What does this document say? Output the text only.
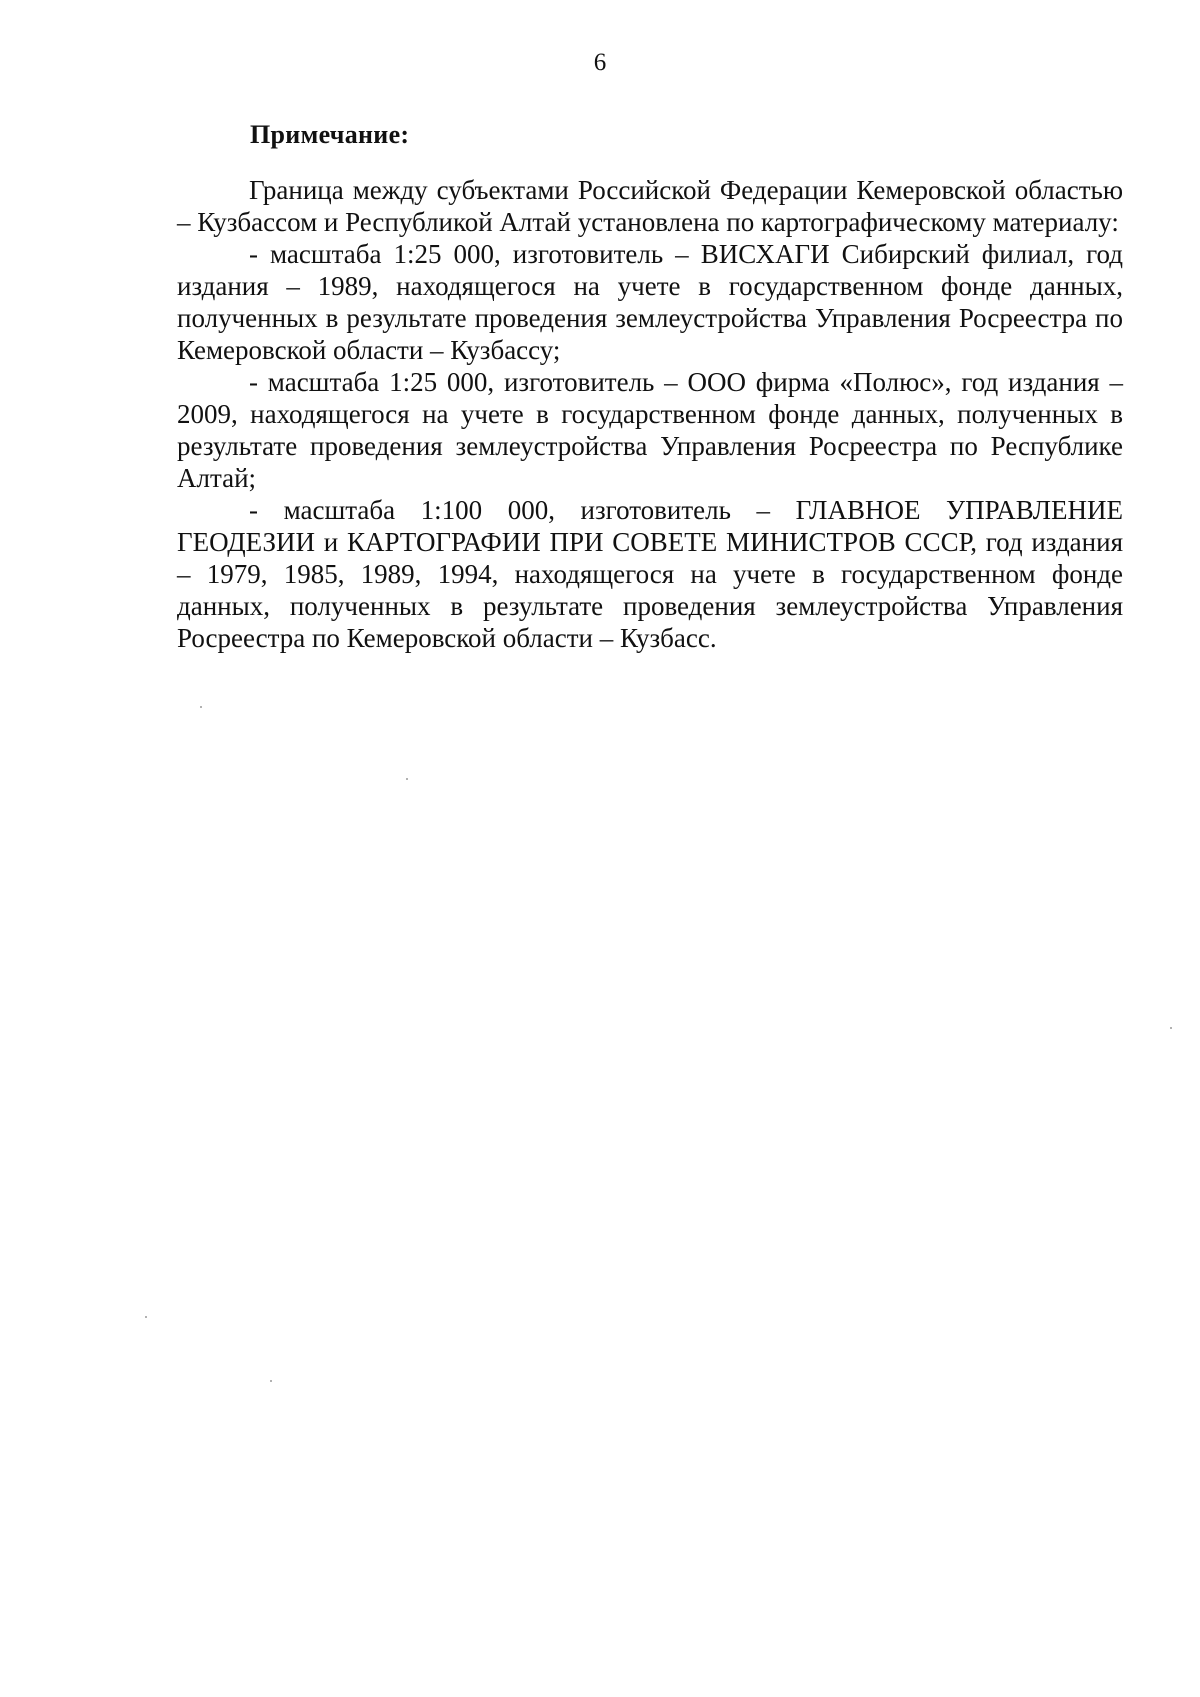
6
Примечание:

Граница между субъектами Российской Федерации Кемеровской областью – Кузбассом и Республикой Алтай установлена по картографическому материалу:

- масштаба 1:25 000, изготовитель – ВИСХАГИ Сибирский филиал, год издания – 1989, находящегося на учете в государственном фонде данных, полученных в результате проведения землеустройства Управления Росреестра по Кемеровской области – Кузбассу;

- масштаба 1:25 000, изготовитель – ООО фирма «Полюс», год издания – 2009, находящегося на учете в государственном фонде данных, полученных в результате проведения землеустройства Управления Росреестра по Республике Алтай;

- масштаба 1:100 000, изготовитель – ГЛАВНОЕ УПРАВЛЕНИЕ ГЕОДЕЗИИ и КАРТОГРАФИИ ПРИ СОВЕТЕ МИНИСТРОВ СССР, год издания – 1979, 1985, 1989, 1994, находящегося на учете в государственном фонде данных, полученных в результате проведения землеустройства Управления Росреестра по Кемеровской области – Кузбасс.
